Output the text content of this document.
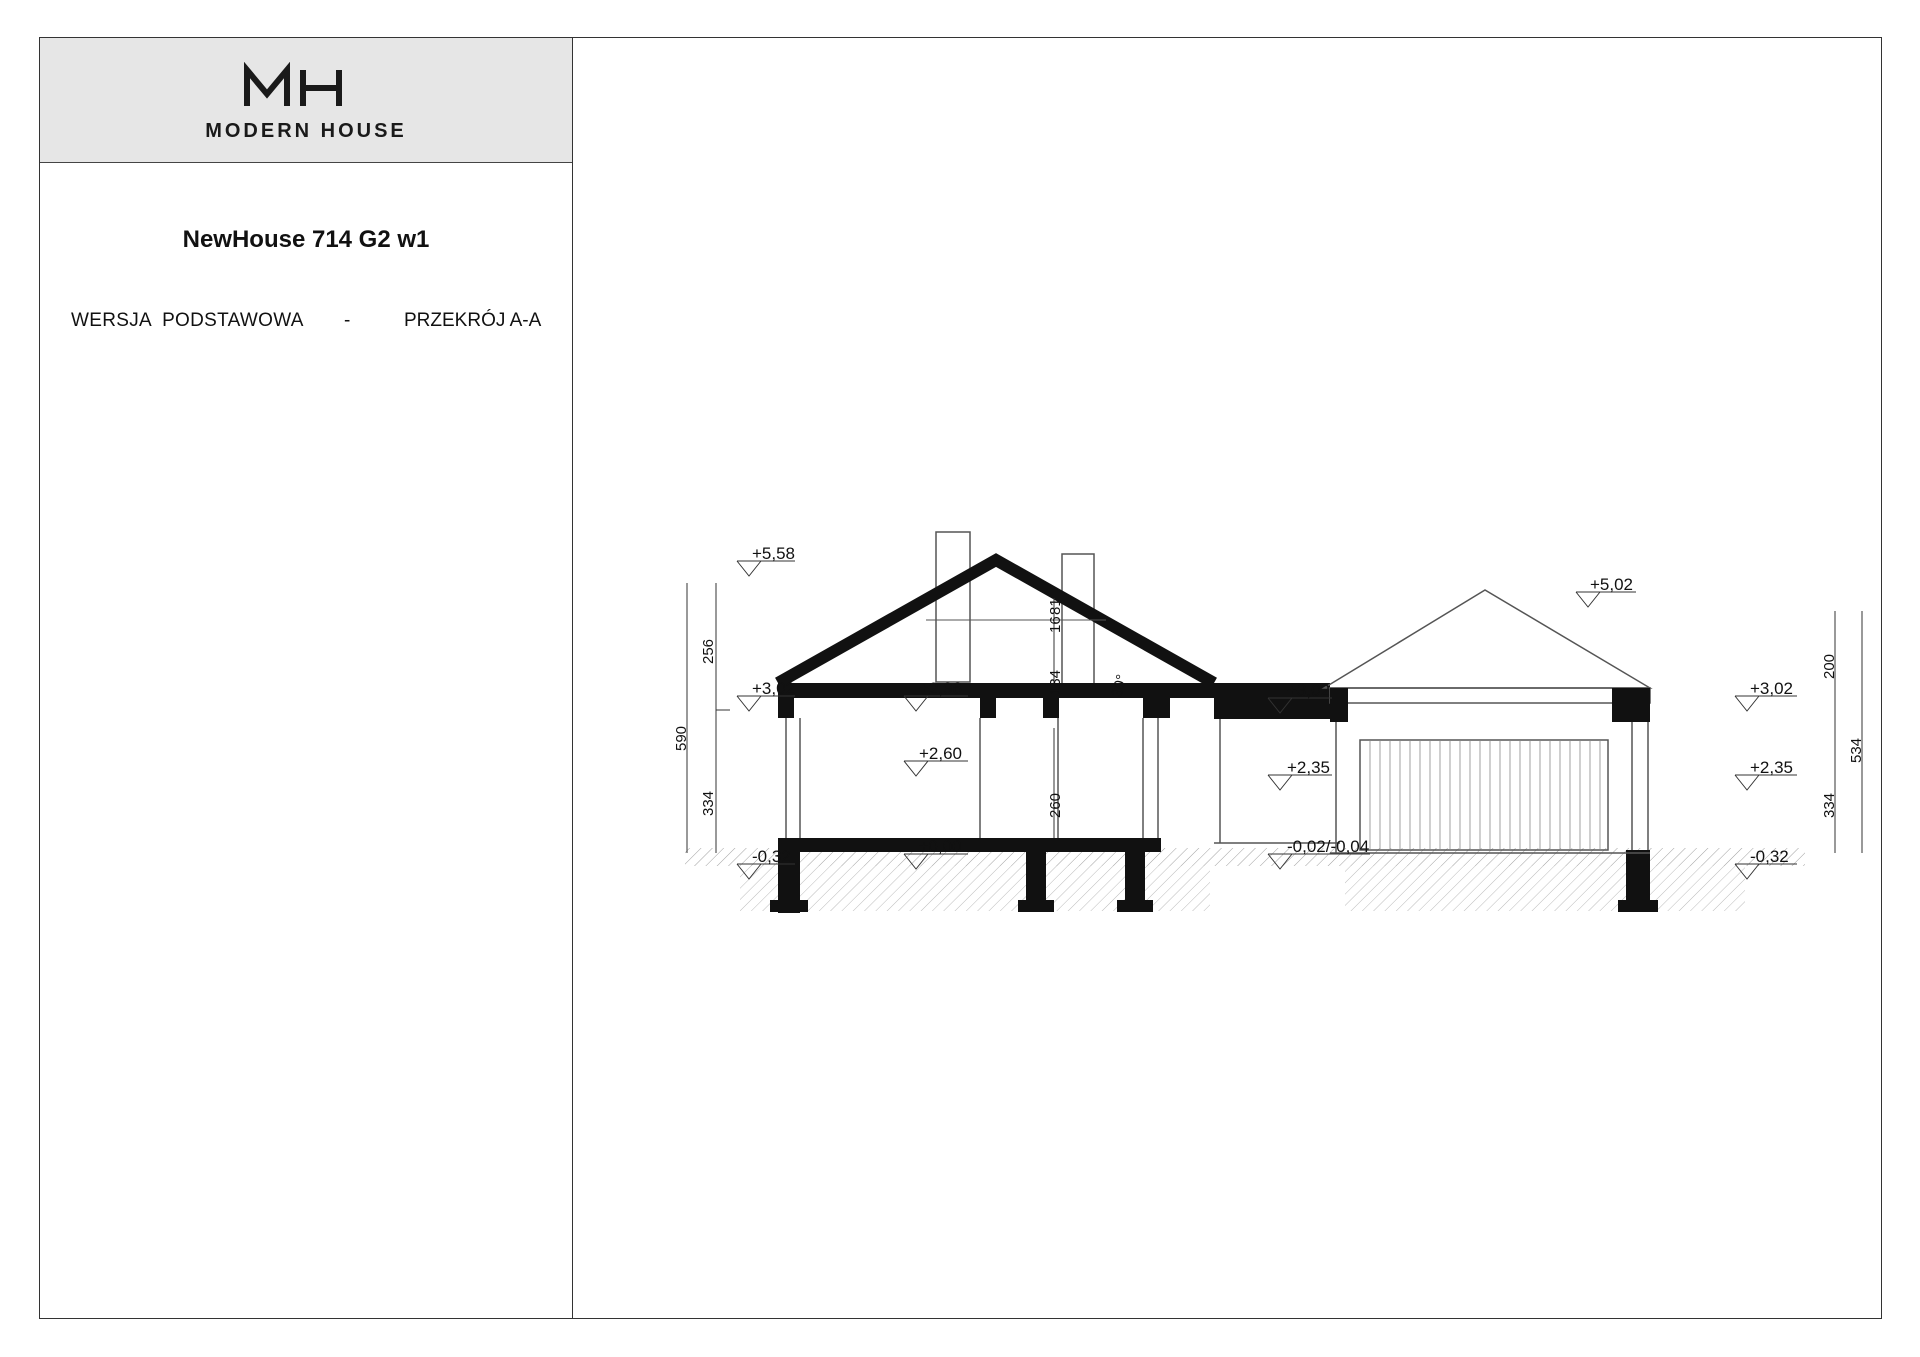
MODERN HOUSE
NewHouse 714 G2 w1
WERSJA  PODSTAWOWA -	PRZEKRÓJ A-A
+5,58
+3,02
-0,32
+2,96
+2,60
±0,00
+3,02
+2,35
-0,02/-0,04
+5,02
+3,02
+2,35
-0,32
590
256
334
16
81
134
260
200
334
534
30°
